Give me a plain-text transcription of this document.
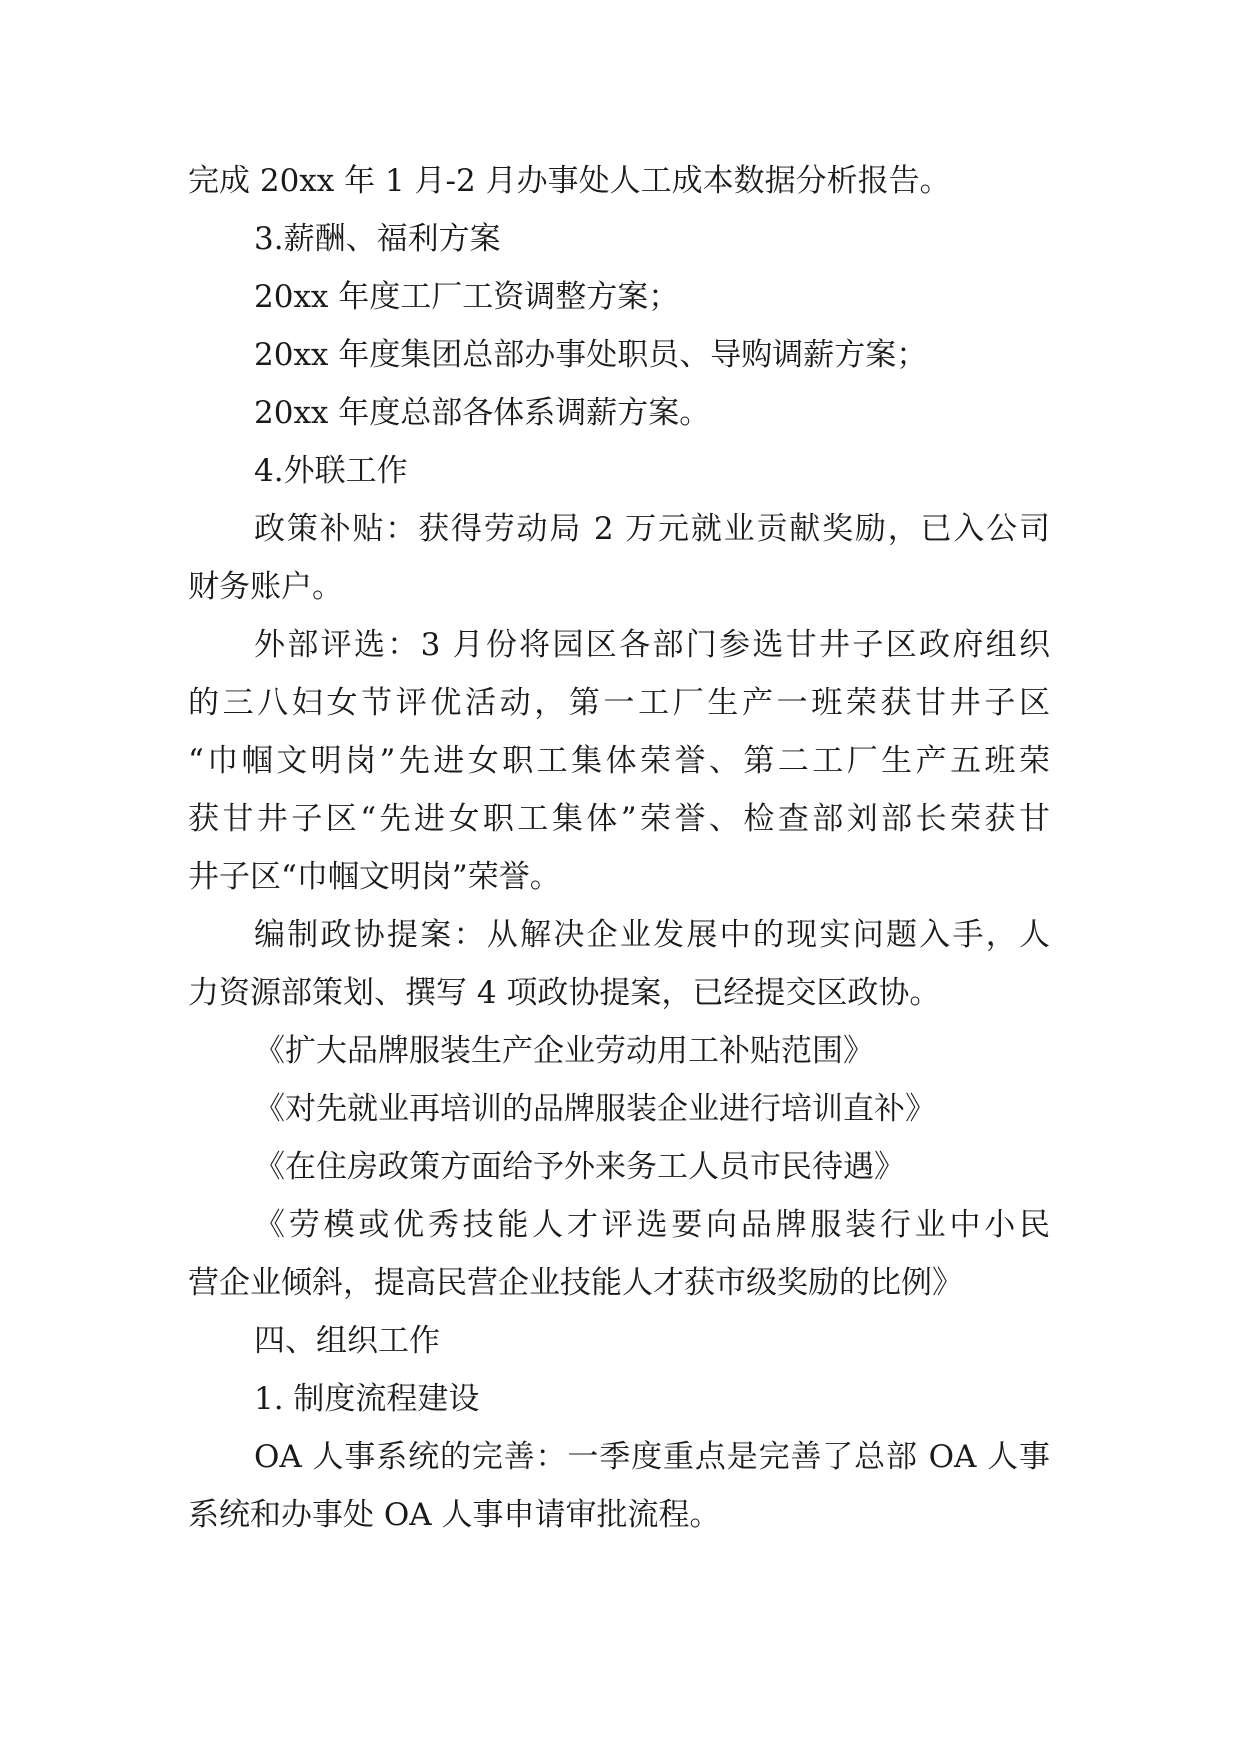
完成 20xx 年 1 月-2 月办事处人工成本数据分析报告。

3.薪酬、福利方案

20xx 年度工厂工资调整方案；

20xx 年度集团总部办事处职员、导购调薪方案；

20xx 年度总部各体系调薪方案。

4.外联工作

政策补贴：获得劳动局 2 万元就业贡献奖励，已入公司

财务账户。

外部评选：3 月份将园区各部门参选甘井子区政府组织

的三八妇女节评优活动，第一工厂生产一班荣获甘井子区

“巾帼文明岗”先进女职工集体荣誉、第二工厂生产五班荣

获甘井子区“先进女职工集体”荣誉、检查部刘部长荣获甘

井子区“巾帼文明岗”荣誉。

编制政协提案：从解决企业发展中的现实问题入手，人

力资源部策划、撰写 4 项政协提案，已经提交区政协。

《扩大品牌服装生产企业劳动用工补贴范围》

《对先就业再培训的品牌服装企业进行培训直补》

《在住房政策方面给予外来务工人员市民待遇》

《劳模或优秀技能人才评选要向品牌服装行业中小民

营企业倾斜，提高民营企业技能人才获市级奖励的比例》

四、组织工作

1. 制度流程建设

OA 人事系统的完善：一季度重点是完善了总部 OA 人事

系统和办事处 OA 人事申请审批流程。
